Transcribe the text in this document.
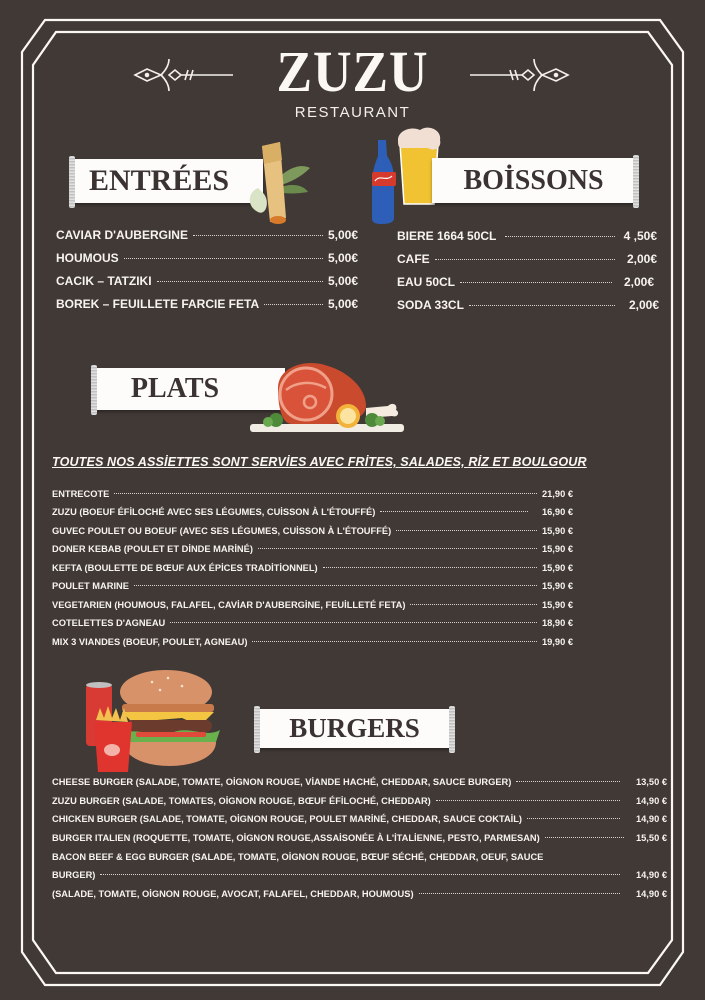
ZUZU
RESTAURANT
ENTRÉES
CAVIAR D'AUBERGINE	5,00€
HOUMOUS	5,00€
CACIK – TATZIKI	5,00€
BOREK – FEUILLETE FARCIE FETA	5,00€
BOİSSONS
BIERE 1664 50CL	4 ,50€
CAFE	2,00€
EAU 50CL	2,00€
SODA 33CL	2,00€
PLATS
TOUTES NOS ASSİETTES SONT SERVİES AVEC FRİTES, SALADES, RİZ ET BOULGOUR
ENTRECOTE	21,90 €
ZUZU (BOEUF ÉFİLOCHÉ AVEC SES LÉGUMES, CUİSSON À L'ÉTOUFFÉ)	16,90 €
GUVEC POULET OU BOEUF (AVEC SES LÉGUMES, CUİSSON À L'ÉTOUFFÉ)	15,90 €
DONER KEBAB (POULET ET DİNDE MARİNÉ)	15,90 €
KEFTA (BOULETTE DE BŒUF AUX ÉPİCES TRADİTİONNEL)	15,90 €
POULET MARINE	15,90 €
VEGETARIEN (HOUMOUS, FALAFEL, CAVİAR D'AUBERGİNE, FEUİLLETÉ FETA)	15,90 €
COTELETTES D'AGNEAU	18,90 €
MIX 3 VIANDES (BOEUF, POULET, AGNEAU)	19,90 €
BURGERS
CHEESE BURGER (SALADE, TOMATE, OİGNON ROUGE, VİANDE HACHÉ, CHEDDAR, SAUCE BURGER)	13,50 €
ZUZU BURGER (SALADE, TOMATES, OİGNON ROUGE, BŒUF ÉFİLOCHÉ, CHEDDAR)	14,90 €
CHICKEN BURGER (SALADE, TOMATE, OİGNON ROUGE, POULET MARİNÉ, CHEDDAR, SAUCE COKTAİL)	14,90 €
BURGER ITALIEN (ROQUETTE, TOMATE, OİGNON ROUGE,ASSAİSONÉE À L'İTALİENNE, PESTO, PARMESAN)	15,50 €
BACON BEEF & EGG BURGER (SALADE, TOMATE, OİGNON ROUGE, BŒUF SÉCHÉ, CHEDDAR, OEUF, SAUCE
BURGER)	14,90 €
(SALADE, TOMATE, OİGNON ROUGE, AVOCAT, FALAFEL, CHEDDAR, HOUMOUS)	14,90 €
